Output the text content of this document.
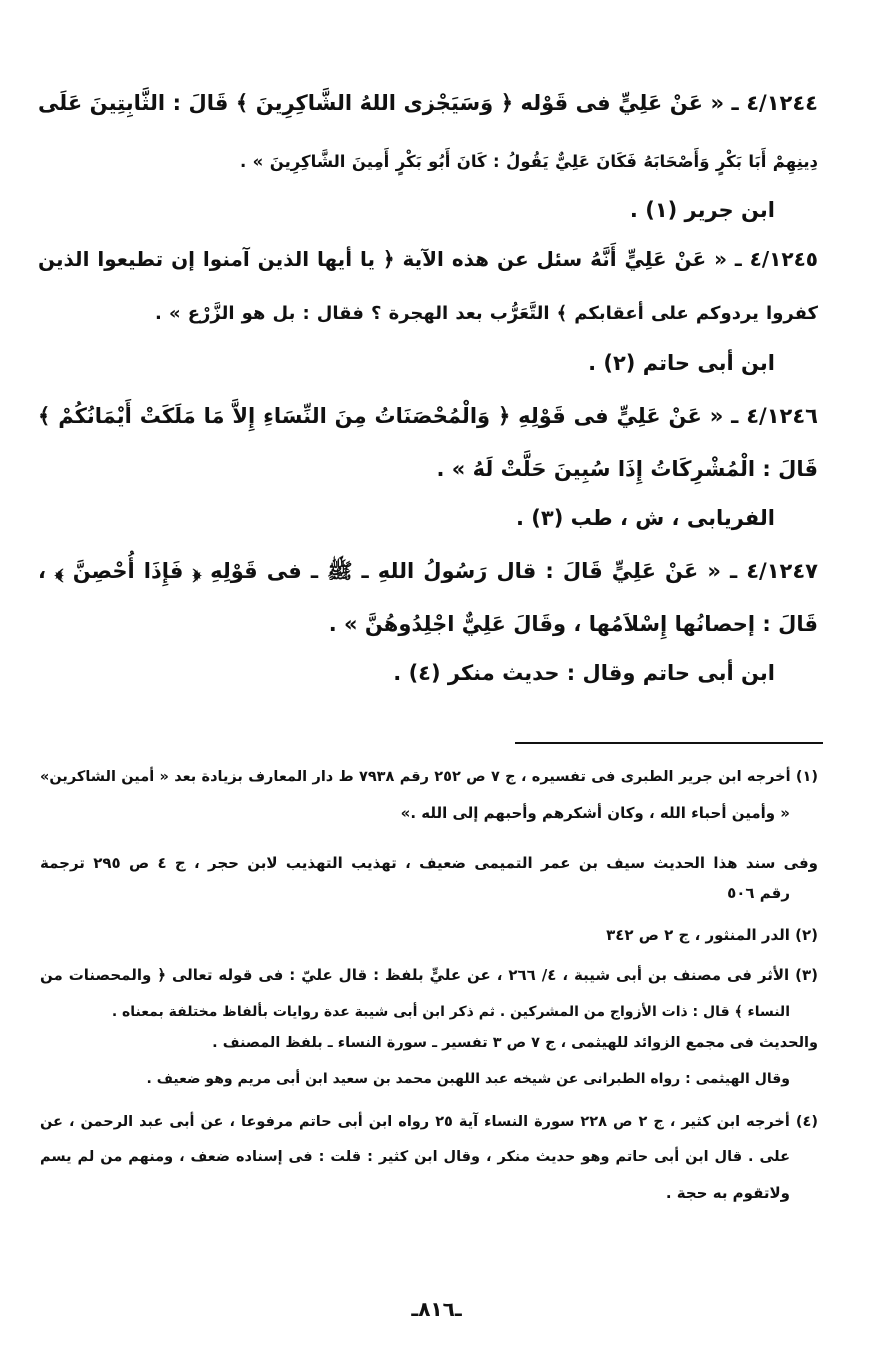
٤/١٢٤٤ ـ « عَنْ عَلِيٍّ فى قَوْله ﴿ وَسَيَجْزى اللهُ الشَّاكِرِينَ ﴾ قَالَ : الثَّابِتِينَ عَلَى
دِينِهِمْ أَبَا بَكْرٍ وَأَصْحَابَهُ فَكَانَ عَلِيٌّ يَقُولُ : كَانَ أَبُو بَكْرٍ أَمِينَ الشَّاكِرِينَ » .
ابن جرير (١) .
٤/١٢٤٥ ـ « عَنْ عَلِيٍّ أَنَّهُ سئل عن هذه الآية ﴿ يا أيها الذين آمنوا إن تطيعوا الذين
كفروا يردوكم على أعقابكم ﴾ التَّعَرُّب بعد الهجرة ؟ فقال : بل هو الزَّرْع » .
ابن أبى حاتم (٢) .
٤/١٢٤٦ ـ « عَنْ عَلِيٍّ فى قَوْلِهِ ﴿ وَالْمُحْصَنَاتُ مِنَ النِّسَاءِ إِلاَّ مَا مَلَكَتْ أَيْمَانُكُمْ ﴾
قَالَ : الْمُشْرِكَاتُ إِذَا سُبِينَ حَلَّتْ لَهُ » .
الفريابى ، ش ، طب (٣) .
٤/١٢٤٧ ـ « عَنْ عَلِيٍّ قَالَ : قال رَسُولُ اللهِ ـ ﷺ ـ فى قَوْلِهِ ﴿ فَإِذَا أُحْصِنَّ ﴾ ،
قَالَ : إحصانُها إِسْلاَمُها ، وقَالَ عَلِيٌّ اجْلِدُوهُنَّ » .
ابن أبى حاتم وقال : حديث منكر (٤) .
(١) أخرجه ابن جرير الطبرى فى تفسيره ، ج ٧ ص ٢٥٢ رقم ٧٩٣٨ ط دار المعارف بزيادة بعد « أمين الشاكرين»
« وأمين أحباء الله ، وكان أشكرهم وأحبهم إلى الله .»
وفى سند هذا الحديث سيف بن عمر التميمى ضعيف ، تهذيب التهذيب لابن حجر ، ج ٤ ص ٢٩٥ ترجمة
رقم ٥٠٦
(٢) الدر المنثور ، ج ٢ ص ٣٤٢
(٣) الأثر فى مصنف بن أبى شيبة ، ٤/ ٢٦٦ ، عن عليٍّ بلفظ : قال عليّ : فى قوله تعالى ﴿ والمحصنات من
النساء ﴾ قال : ذات الأزواج من المشركين . ثم ذكر ابن أبى شيبة عدة روايات بألفاظ مختلفة بمعناه .
والحديث فى مجمع الزوائد للهيثمى ، ج ٧ ص ٣ تفسير ـ سورة النساء ـ بلفظ المصنف .
وقال الهيثمى : رواه الطبرانى عن شيخه عبد اللهبن محمد بن سعيد ابن أبى مريم وهو ضعيف .
(٤) أخرجه ابن كثير ، ج ٢ ص ٢٢٨ سورة النساء آية ٢٥ رواه ابن أبى حاتم مرفوعا ، عن أبى عبد الرحمن ، عن
على . قال ابن أبى حاتم وهو حديث منكر ، وقال ابن كثير : قلت : فى إسناده ضعف ، ومنهم من لم يسم
ولاتقوم به حجة .
ـ٨١٦ـ
